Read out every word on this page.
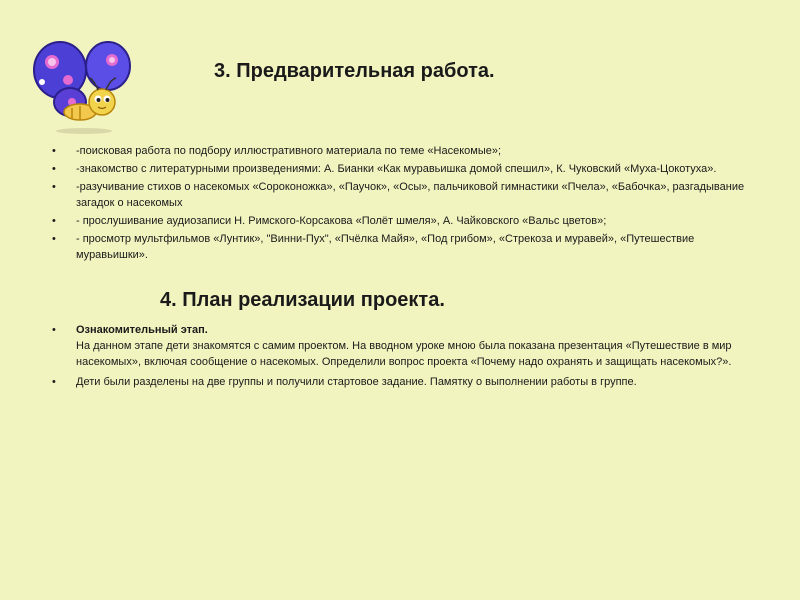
3. Предварительная работа.
• -поисковая работа по подбору иллюстративного материала по теме «Насекомые»;
• -знакомство с литературными произведениями: А. Бианки «Как муравьишка домой спешил», К. Чуковский «Муха-Цокотуха».
• -разучивание стихов о насекомых «Сороконожка», «Паучок», «Осы», пальчиковой гимнастики «Пчела», «Бабочка», разгадывание загадок о насекомых
• - прослушивание аудиозаписи Н. Римского-Корсакова «Полёт шмеля», А. Чайковского «Вальс цветов»;
• - просмотр мультфильмов «Лунтик», "Винни-Пух", «Пчёлка Майя», «Под грибом», «Стрекоза и муравей», «Путешествие муравьишки».
4. План реализации проекта.
• Ознакомительный этап.
На данном этапе дети знакомятся с самим проектом. На вводном уроке мною была показана презентация «Путешествие в мир насекомых», включая сообщение о насекомых. Определили вопрос проекта «Почему надо охранять и защищать насекомых?».
• Дети были разделены на две группы и получили стартовое задание. Памятку о выполнении работы в группе.
